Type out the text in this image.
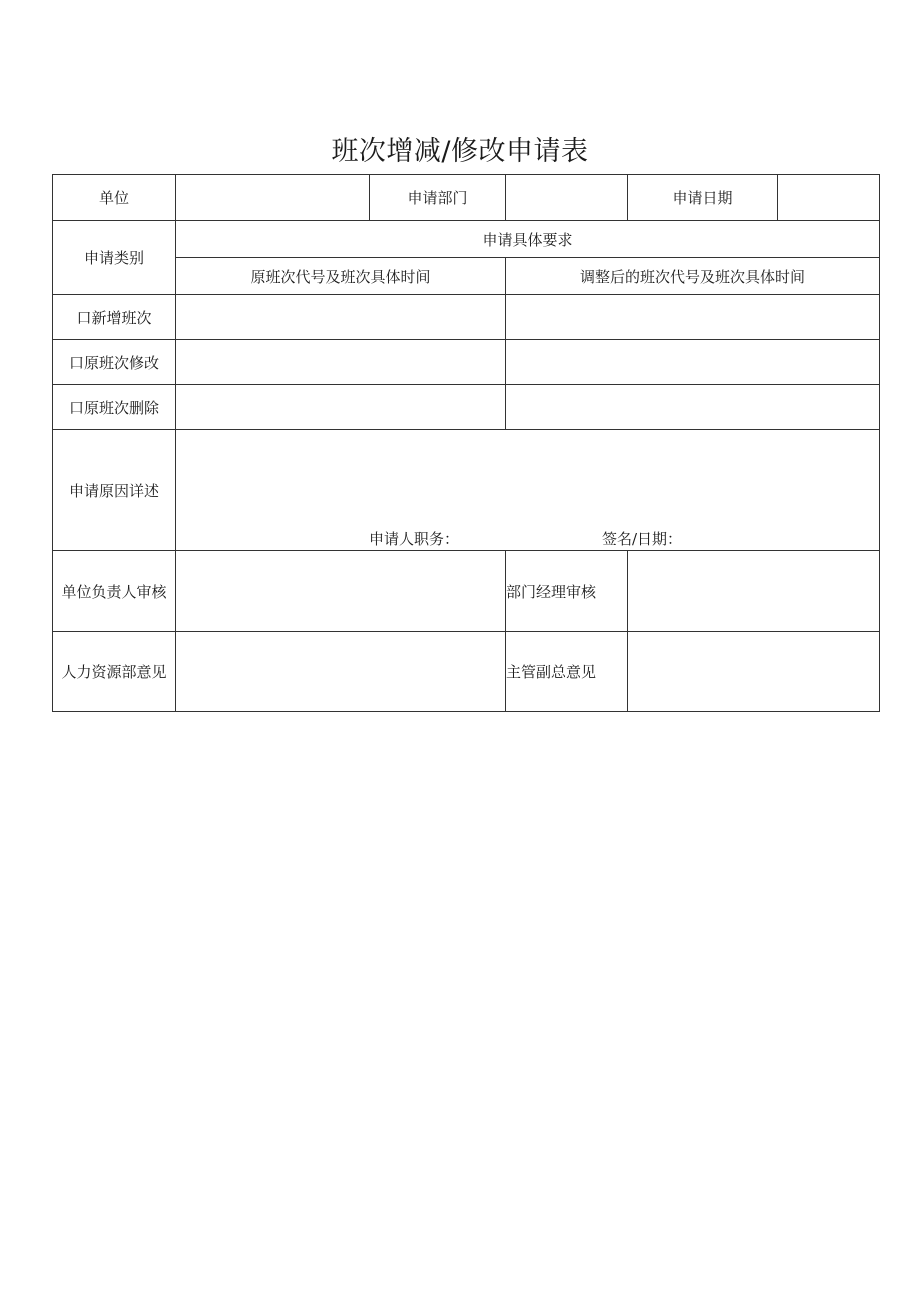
班次增减/修改申请表
单位	申请部门	申请日期
申请类别
申请具体要求
原班次代号及班次具体时间	调整后的班次代号及班次具体时间
口新增班次
口原班次修改
口原班次删除
申请原因详述
申请人职务：	签名/日期：
单位负责人审核	部门经理审核
人力资源部意见	主管副总意见
